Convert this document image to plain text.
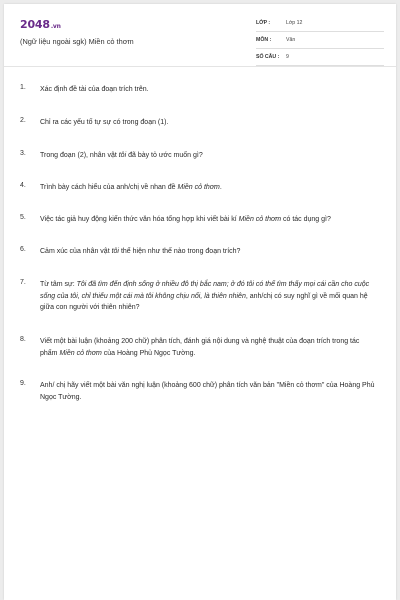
2048.vn
(Ngữ liệu ngoài sgk) Miền cỏ thơm
LỚP :	Lớp 12
MÔN :	Văn
SỐ CÂU : 9
1.	Xác định đề tài của đoạn trích trên.
2.	Chỉ ra các yếu tố tự sự có trong đoạn (1).
3.	Trong đoạn (2), nhân vật tôi đã bày tỏ ước muốn gì?
4.	Trình bày cách hiểu của anh/chị về nhan đề Miền cỏ thơm.
5.	Việc tác giả huy động kiến thức văn hóa tổng hợp khi viết bài kí Miền cỏ thơm có tác dụng gì?
6.	Cảm xúc của nhân vật tôi thể hiện như thế nào trong đoạn trích?
7.	Từ tâm sự: Tôi đã tìm đến định sống ở nhiều đô thị bắc nam; ở đó tôi có thể tìm thấy mọi cái cần cho cuộc sống của tôi, chỉ thiếu một cái mà tôi không chịu nổi, là thiên nhiên, anh/chị có suy nghĩ gì về mối quan hệ giữa con người với thiên nhiên?
8.	Viết một bài luận (khoảng 200 chữ) phân tích, đánh giá nội dung và nghệ thuật của đoạn trích trong tác phẩm Miền cỏ thơm của Hoàng Phủ Ngọc Tường.
9.	Anh/ chị hãy viết một bài văn nghị luận (khoảng 600 chữ) phân tích văn bản "Miền cỏ thơm" của Hoàng Phủ Ngọc Tường.
